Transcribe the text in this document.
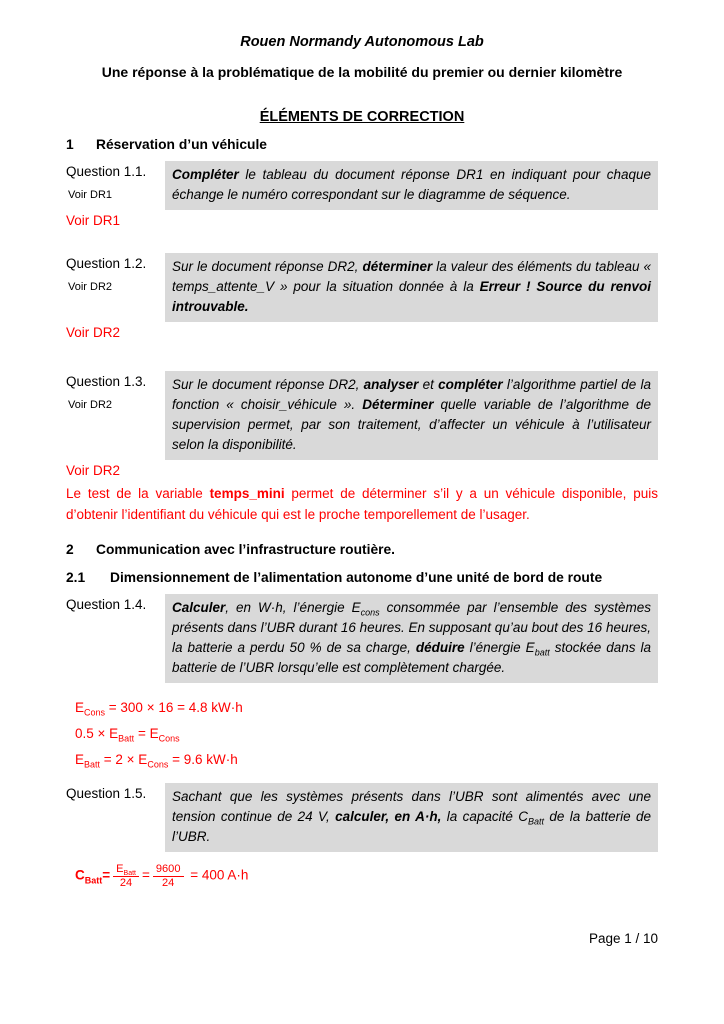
Rouen Normandy Autonomous Lab
Une réponse à la problématique de la mobilité du premier ou dernier kilomètre
ÉLÉMENTS DE CORRECTION
1	Réservation d’un véhicule
Question 1.1.
Voir DR1
Compléter le tableau du document réponse DR1 en indiquant pour chaque échange le numéro correspondant sur le diagramme de séquence.
Voir DR1
Question 1.2.
Voir DR2
Sur le document réponse DR2, déterminer la valeur des éléments du tableau « temps_attente_V » pour la situation donnée à la Erreur ! Source du renvoi introuvable.
Voir DR2
Question 1.3.
Voir DR2
Sur le document réponse DR2, analyser et compléter l’algorithme partiel de la fonction « choisir_véhicule ». Déterminer quelle variable de l’algorithme de supervision permet, par son traitement, d’affecter un véhicule à l’utilisateur selon la disponibilité.
Voir DR2
Le test de la variable temps_mini permet de déterminer s’il y a un véhicule disponible, puis d’obtenir l’identifiant du véhicule qui est le proche temporellement de l’usager.
2	Communication avec l’infrastructure routière.
2.1	Dimensionnement de l’alimentation autonome d’une unité de bord de route
Question 1.4.	Calculer, en W·h, l’énergie $E_{cons}$ consommée par l’ensemble des systèmes présents dans l’UBR durant 16 heures. En supposant qu’au bout des 16 heures, la batterie a perdu 50 % de sa charge, déduire l’énergie $E_{batt}$ stockée dans la batterie de l’UBR lorsqu’elle est complètement chargée.
$E_{Cons} = 300 \times 16 = 4.8$ kW·h
$0.5 \times E_{Batt} = E_{Cons}$
$E_{Batt} = 2 \times E_{Cons} = 9.6$ kW·h
Question 1.5.	Sachant que les systèmes présents dans l’UBR sont alimentés avec une tension continue de 24 V, calculer, en A·h, la capacité $C_{Batt}$ de la batterie de l’UBR.
$C_{Batt}= \frac{E_{Batt}}{24} = \frac{9600}{24} = 400$ A·h
Page 1 / 10
